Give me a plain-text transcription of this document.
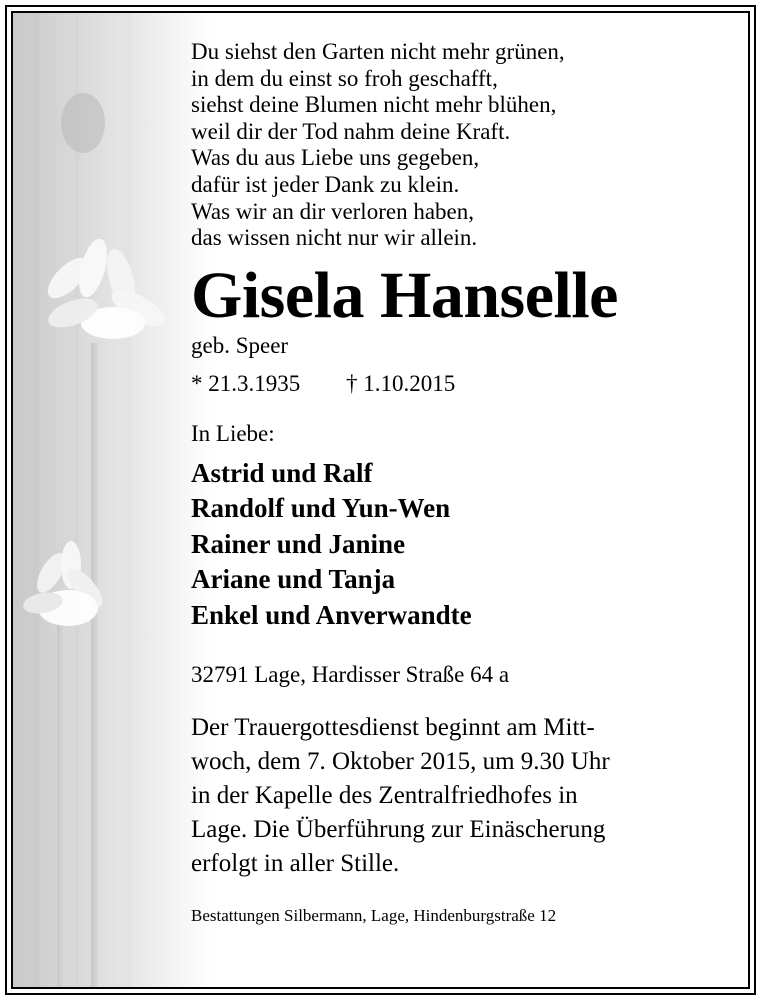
Du siehst den Garten nicht mehr grünen,
in dem du einst so froh geschafft,
siehst deine Blumen nicht mehr blühen,
weil dir der Tod nahm deine Kraft.
Was du aus Liebe uns gegeben,
dafür ist jeder Dank zu klein.
Was wir an dir verloren haben,
das wissen nicht nur wir allein.
Gisela Hanselle
geb. Speer
* 21.3.1935 † 1.10.2015
In Liebe:
Astrid und Ralf
Randolf und Yun-Wen
Rainer und Janine
Ariane und Tanja
Enkel und Anverwandte
32791 Lage, Hardisser Straße 64 a
Der Trauergottesdienst beginnt am Mitt-
woch, dem 7. Oktober 2015, um 9.30 Uhr
in der Kapelle des Zentralfriedhofes in
Lage. Die Überführung zur Einäscherung
erfolgt in aller Stille.
Bestattungen Silbermann, Lage, Hindenburgstraße 12
